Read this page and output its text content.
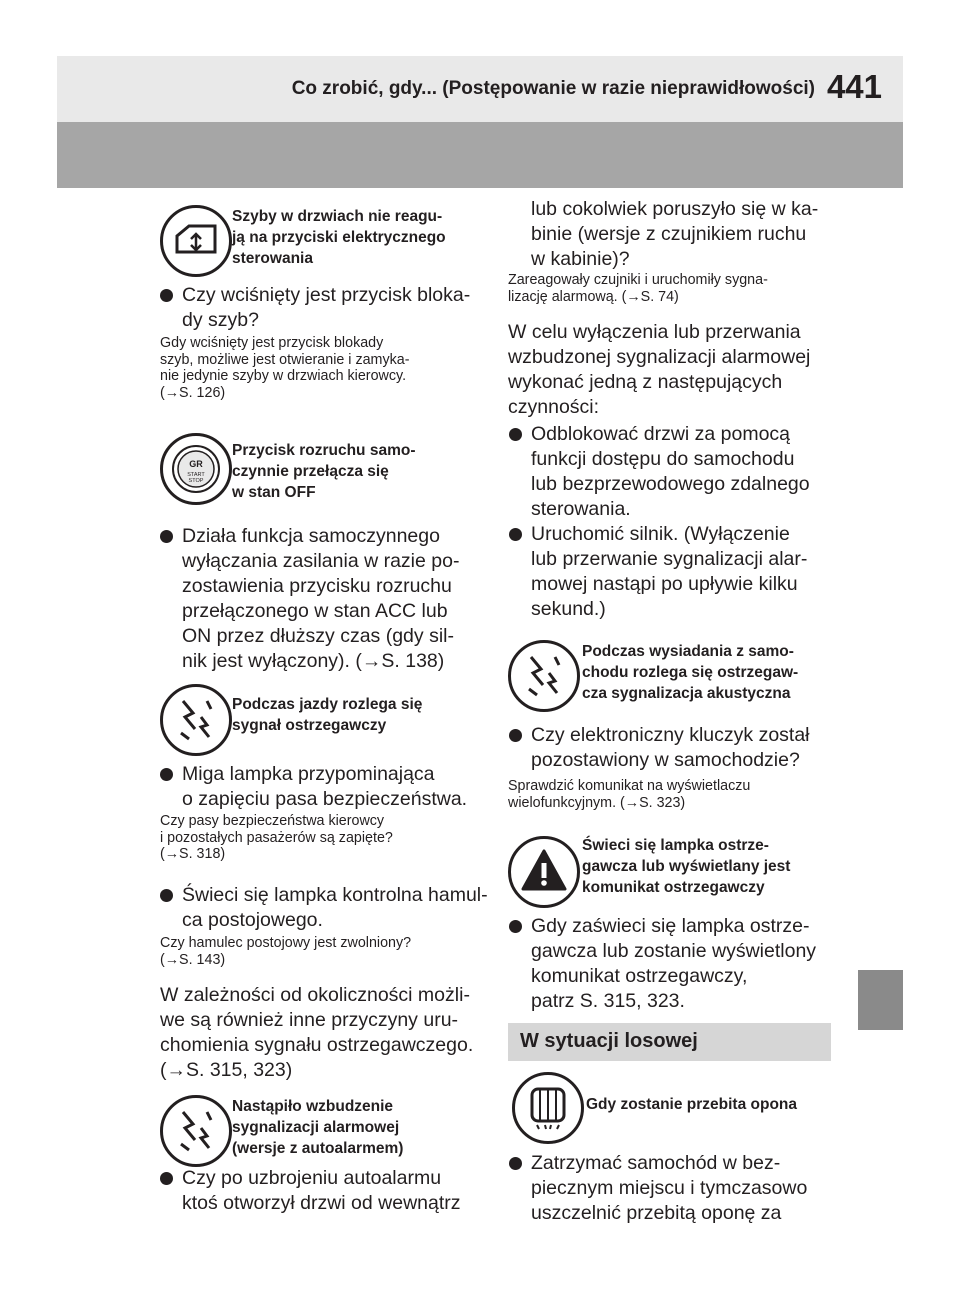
Co zrobić, gdy... (Postępowanie w razie nieprawidłowości) 441
Szyby w drzwiach nie reagu-
ją na przyciski elektrycznego
sterowania
Czy wciśnięty jest przycisk bloka-
dy szyb?
Gdy wciśnięty jest przycisk blokady
szyb, możliwe jest otwieranie i zamyka-
nie jedynie szyby w drzwiach kierowcy.
(→S. 126)
GR
START
STOP
Przycisk rozruchu samo-
czynnie przełącza się
w stan OFF
Działa funkcja samoczynnego
wyłączania zasilania w razie po-
zostawienia przycisku rozruchu
przełączonego w stan ACC lub
ON przez dłuższy czas (gdy sil-
nik jest wyłączony). (→S. 138)
Podczas jazdy rozlega się
sygnał ostrzegawczy
Miga lampka przypominająca
o zapięciu pasa bezpieczeństwa.
Czy pasy bezpieczeństwa kierowcy
i pozostałych pasażerów są zapięte?
(→S. 318)
Świeci się lampka kontrolna hamul-
ca postojowego.
Czy hamulec postojowy jest zwolniony?
(→S. 143)
W zależności od okoliczności możli-
we są również inne przyczyny uru-
chomienia sygnału ostrzegawczego.
(→S. 315, 323)
Nastąpiło wzbudzenie
sygnalizacji alarmowej
(wersje z autoalarmem)
Czy po uzbrojeniu autoalarmu
ktoś otworzył drzwi od wewnątrz
lub cokolwiek poruszyło się w ka-
binie (wersje z czujnikiem ruchu
w kabinie)?
Zareagowały czujniki i uruchomiły sygna-
lizację alarmową. (→S. 74)
W celu wyłączenia lub przerwania
wzbudzonej sygnalizacji alarmowej
wykonać jedną z następujących
czynności:
Odblokować drzwi za pomocą
funkcji dostępu do samochodu
lub bezprzewodowego zdalnego
sterowania.
Uruchomić silnik. (Wyłączenie
lub przerwanie sygnalizacji alar-
mowej nastąpi po upływie kilku
sekund.)
Podczas wysiadania z samo-
chodu rozlega się ostrzegaw-
cza sygnalizacja akustyczna
Czy elektroniczny kluczyk został
pozostawiony w samochodzie?
Sprawdzić komunikat na wyświetlaczu
wielofunkcyjnym. (→S. 323)
Świeci się lampka ostrze-
gawcza lub wyświetlany jest
komunikat ostrzegawczy
Gdy zaświeci się lampka ostrze-
gawcza lub zostanie wyświetlony
komunikat ostrzegawczy,
patrz S. 315, 323.
W sytuacji losowej
Gdy zostanie przebita opona
Zatrzymać samochód w bez-
piecznym miejscu i tymczasowo
uszczelnić przebitą oponę za
